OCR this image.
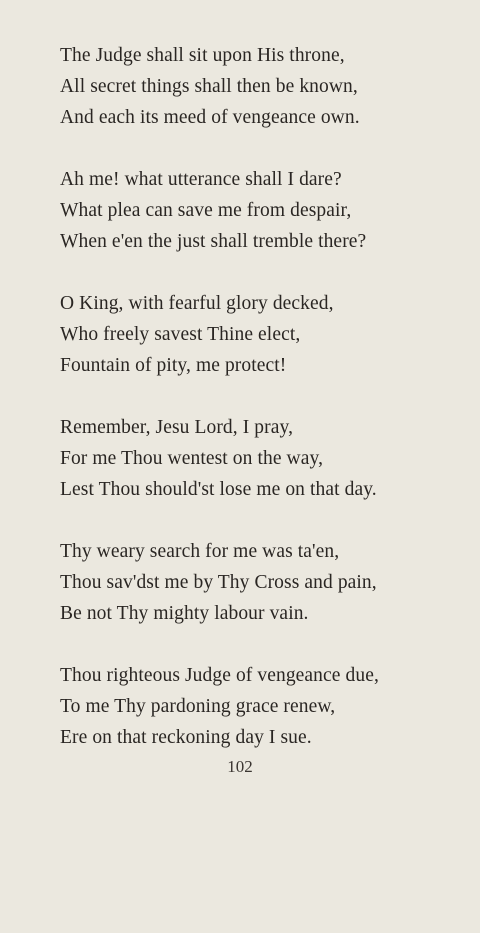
The Judge shall sit upon His throne,
All secret things shall then be known,
And each its meed of vengeance own.
Ah me! what utterance shall I dare?
What plea can save me from despair,
When e'en the just shall tremble there?
O King, with fearful glory decked,
Who freely savest Thine elect,
Fountain of pity, me protect!
Remember, Jesu Lord, I pray,
For me Thou wentest on the way,
Lest Thou should'st lose me on that day.
Thy weary search for me was ta'en,
Thou sav'dst me by Thy Cross and pain,
Be not Thy mighty labour vain.
Thou righteous Judge of vengeance due,
To me Thy pardoning grace renew,
Ere on that reckoning day I sue.
102
